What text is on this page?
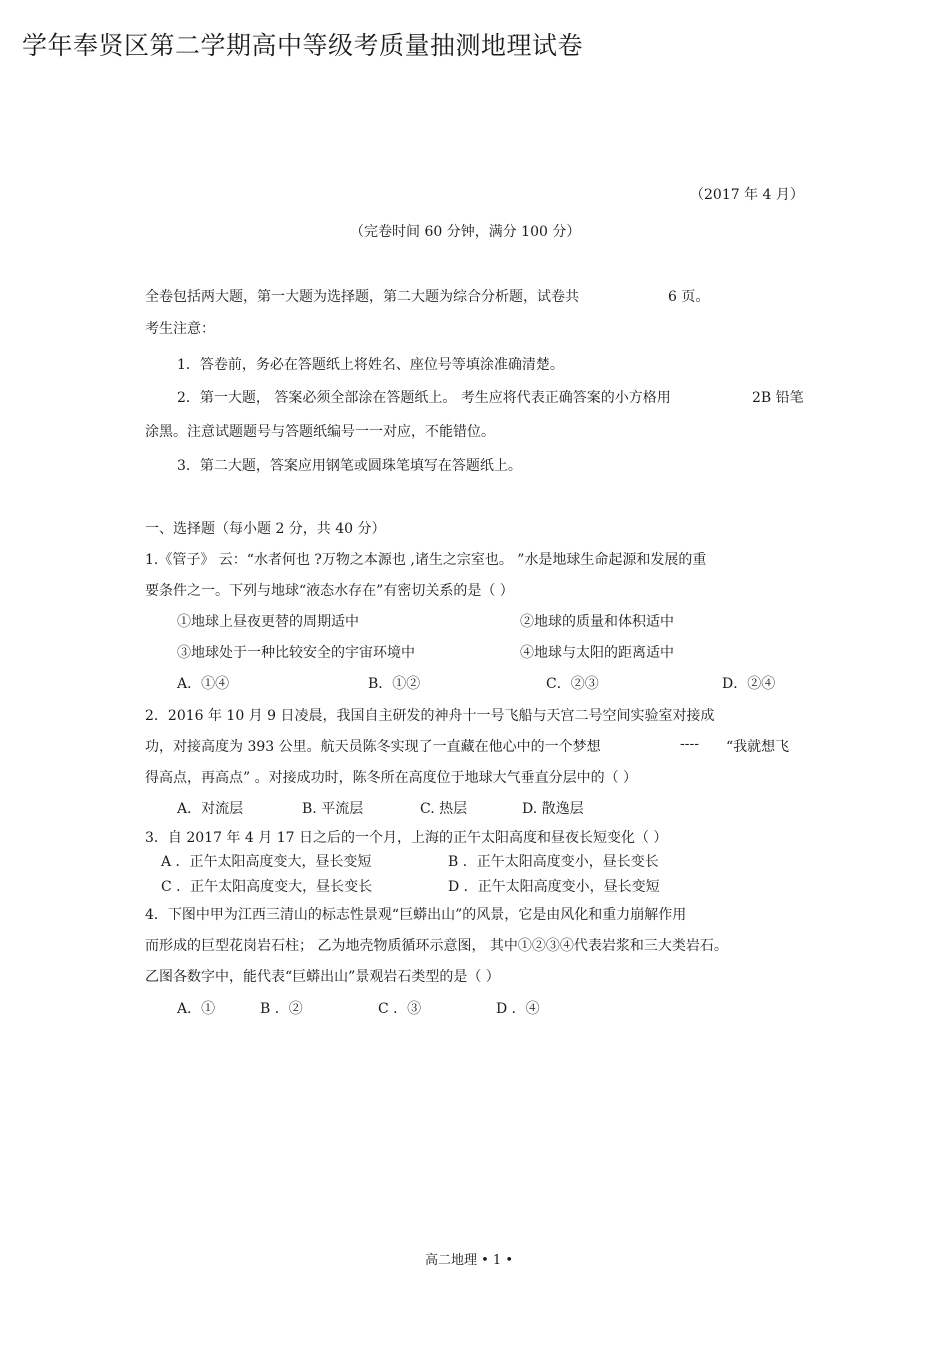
学年奉贤区第二学期高中等级考质量抽测地理试卷
（2017 年 4 月）
（完卷时间 60 分钟，满分 100 分）
全卷包括两大题，第一大题为选择题，第二大题为综合分析题，试卷共	6 页。
考生注意：
1．答卷前，务必在答题纸上将姓名、座位号等填涂准确清楚。
2．第一大题， 答案必须全部涂在答题纸上。 考生应将代表正确答案的小方格用	2B 铅笔
涂黑。注意试题题号与答题纸编号一一对应，不能错位。
3．第二大题，答案应用钢笔或圆珠笔填写在答题纸上。
一、选择题（每小题 2 分，共 40 分）
1.《管子》 云：“水者何也 ?万物之本源也 ,诸生之宗室也。 ”水是地球生命起源和发展的重
要条件之一。下列与地球“液态水存在”有密切关系的是（ ）
①地球上昼夜更替的周期适中	②地球的质量和体积适中
③地球处于一种比较安全的宇宙环境中	④地球与太阳的距离适中
A．①④	B．①②	C．②③	D．②④
2．2016 年 10 月 9 日凌晨，我国自主研发的神舟十一号飞船与天宫二号空间实验室对接成
功，对接高度为 393 公里。航天员陈冬实现了一直藏在他心中的一个梦想	---- “我就想飞
得高点，再高点” 。对接成功时，陈冬所在高度位于地球大气垂直分层中的（ ）
A．对流层	B. 平流层	C. 热层	D. 散逸层
3．自 2017 年 4 月 17 日之后的一个月，上海的正午太阳高度和昼夜长短变化（ ）
A ．正午太阳高度变大，昼长变短	B ．正午太阳高度变小，昼长变长
C ．正午太阳高度变大，昼长变长	D ．正午太阳高度变小，昼长变短
4．下图中甲为江西三清山的标志性景观“巨蟒出山”的风景，它是由风化和重力崩解作用
而形成的巨型花岗岩石柱； 乙为地壳物质循环示意图， 其中①②③④代表岩浆和三大类岩石。
乙图各数字中，能代表“巨蟒出山”景观岩石类型的是（ ）
A．①	B ．②	C ．③	D ．④
高二地理 • 1 •
